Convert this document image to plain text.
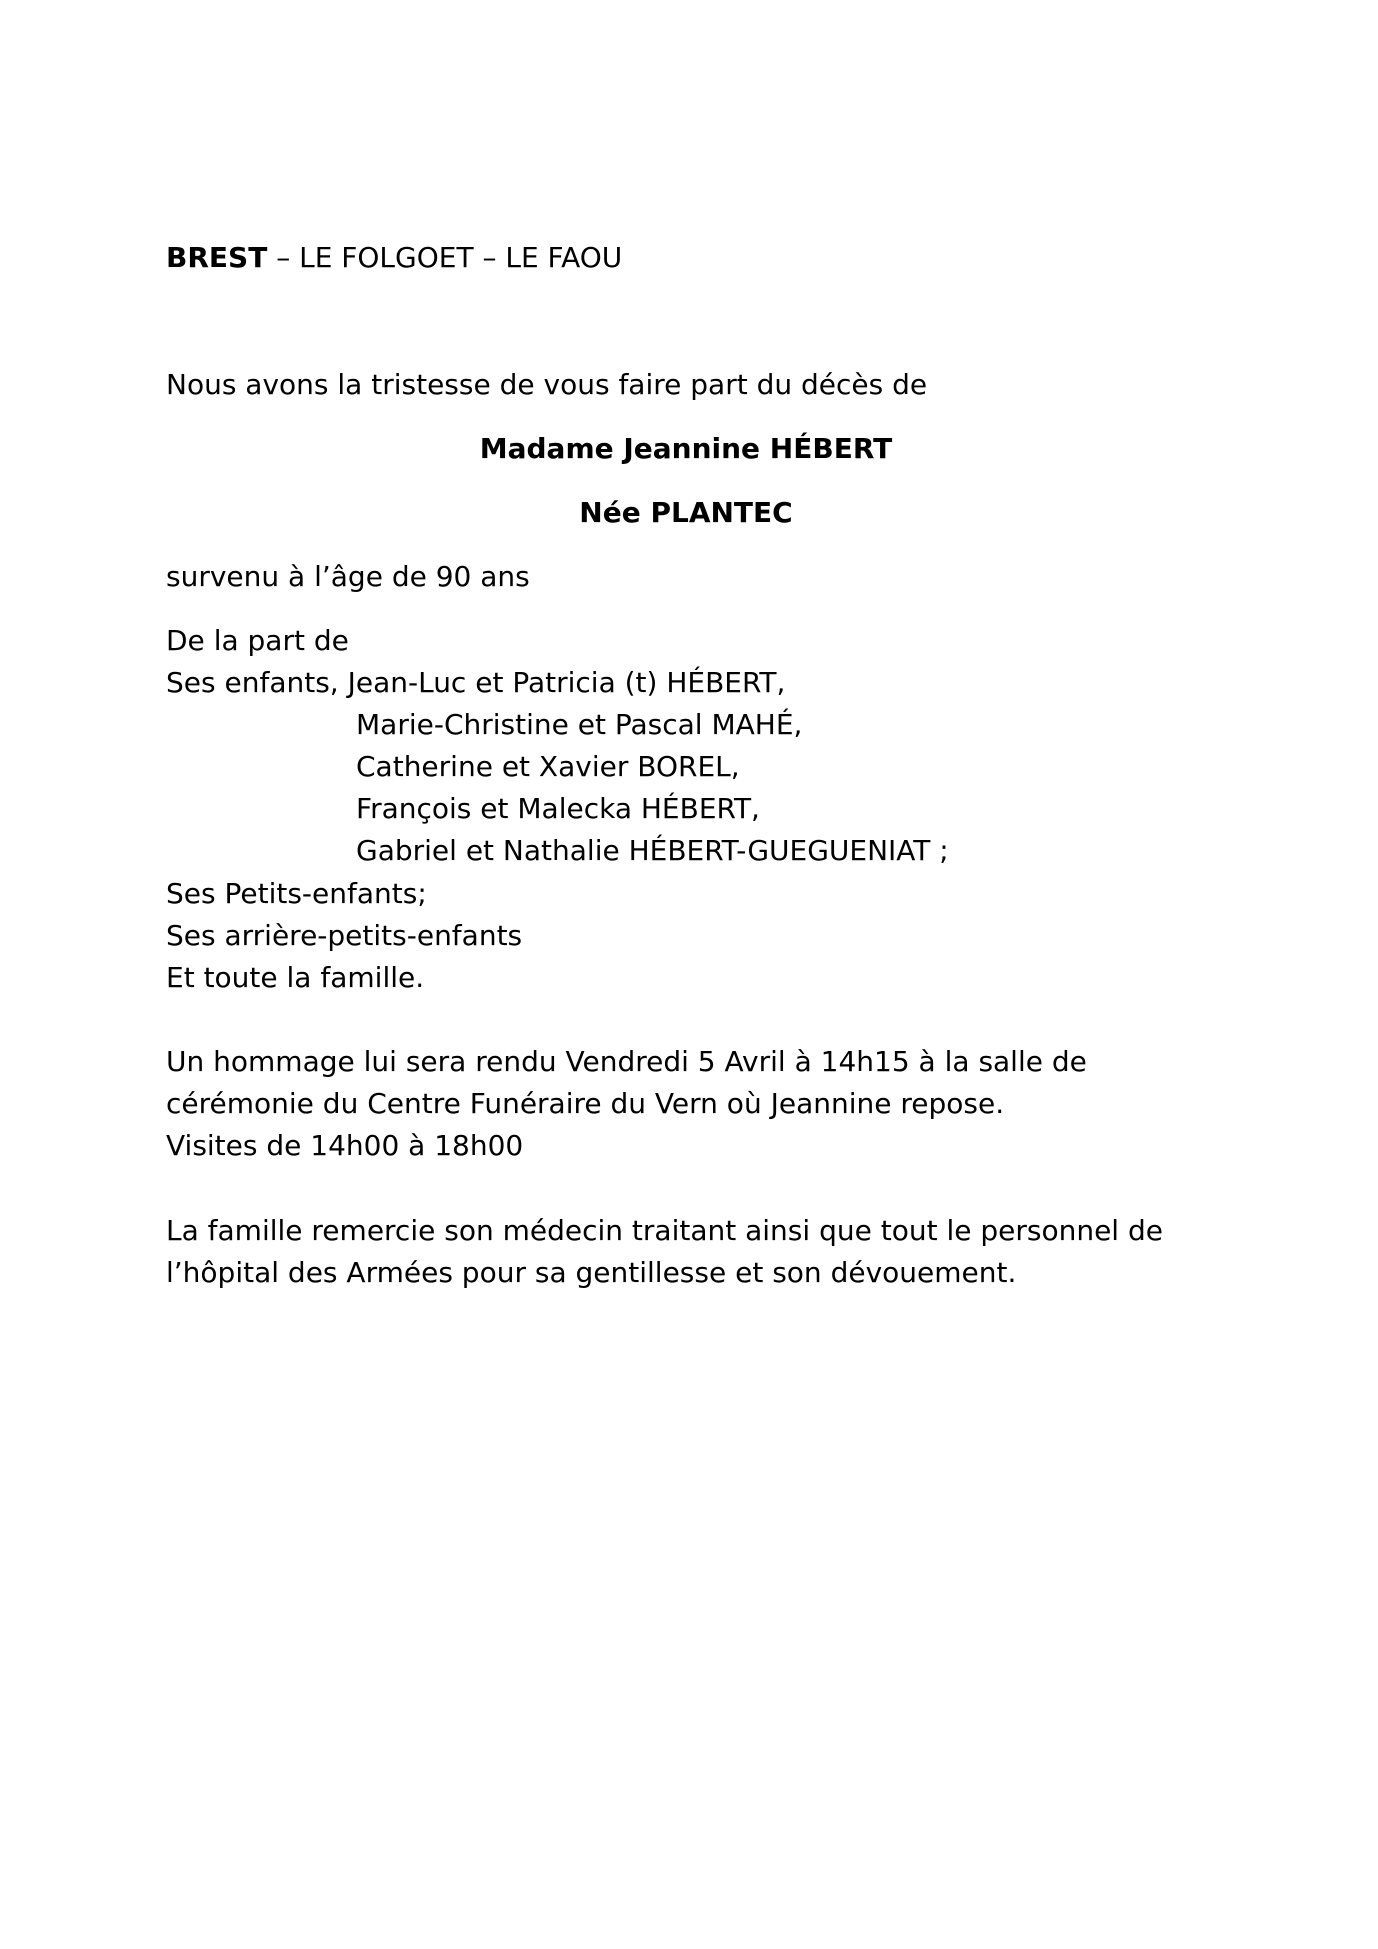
BREST – LE FOLGOET – LE FAOU
Nous avons la tristesse de vous faire part du décès de
Madame Jeannine HÉBERT
Née PLANTEC
survenu à l’âge de 90 ans
De la part de
Ses enfants, Jean-Luc et Patricia (t) HÉBERT,
Marie-Christine et Pascal MAHÉ,
Catherine et Xavier BOREL,
François et Malecka HÉBERT,
Gabriel et Nathalie HÉBERT-GUEGUENIAT ;
Ses Petits-enfants;
Ses arrière-petits-enfants
Et toute la famille.
Un hommage lui sera rendu Vendredi 5 Avril à 14h15 à la salle de
cérémonie du Centre Funéraire du Vern où Jeannine repose.
Visites de 14h00 à 18h00
La famille remercie son médecin traitant ainsi que tout le personnel de
l’hôpital des Armées pour sa gentillesse et son dévouement.
